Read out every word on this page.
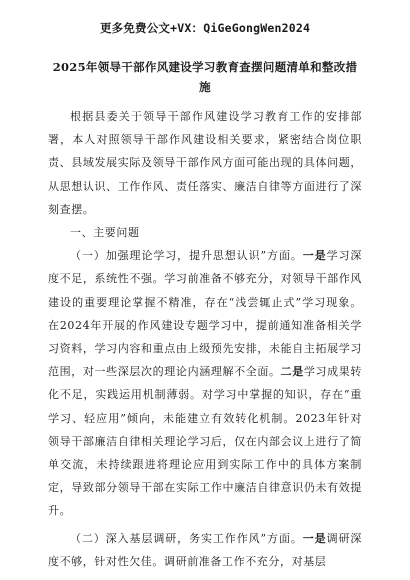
更多免费公文+VX：QiGeGongWen2024
2025年领导干部作风建设学习教育查摆问题清单和整改措施

根据县委关于领导干部作风建设学习教育工作的安排部署，本人对照领导干部作风建设相关要求，紧密结合岗位职责、县域发展实际及领导干部作风方面可能出现的具体问题，从思想认识、工作作风、责任落实、廉洁自律等方面进行了深刻查摆。

一、主要问题

（一）加强理论学习，提升思想认识”方面。一是学习深度不足，系统性不强。学习前准备不够充分，对领导干部作风建设的重要理论掌握不精准，存在“浅尝辄止式”学习现象。在2024年开展的作风建设专题学习中，提前通知准备相关学习资料，学习内容和重点由上级预先安排，未能自主拓展学习范围，对一些深层次的理论内涵理解不全面。二是学习成果转化不足，实践运用机制薄弱。对学习中掌握的知识，存在“重学习、轻应用”倾向，未能建立有效转化机制。2023年针对领导干部廉洁自律相关理论学习后，仅在内部会议上进行了简单交流，未持续跟进将理论应用到实际工作中的具体方案制定，导致部分领导干部在实际工作中廉洁自律意识仍未有效提升。

（二）深入基层调研，务实工作作风”方面。一是调研深度不够，针对性欠佳。调研前准备工作不充分，对基层
